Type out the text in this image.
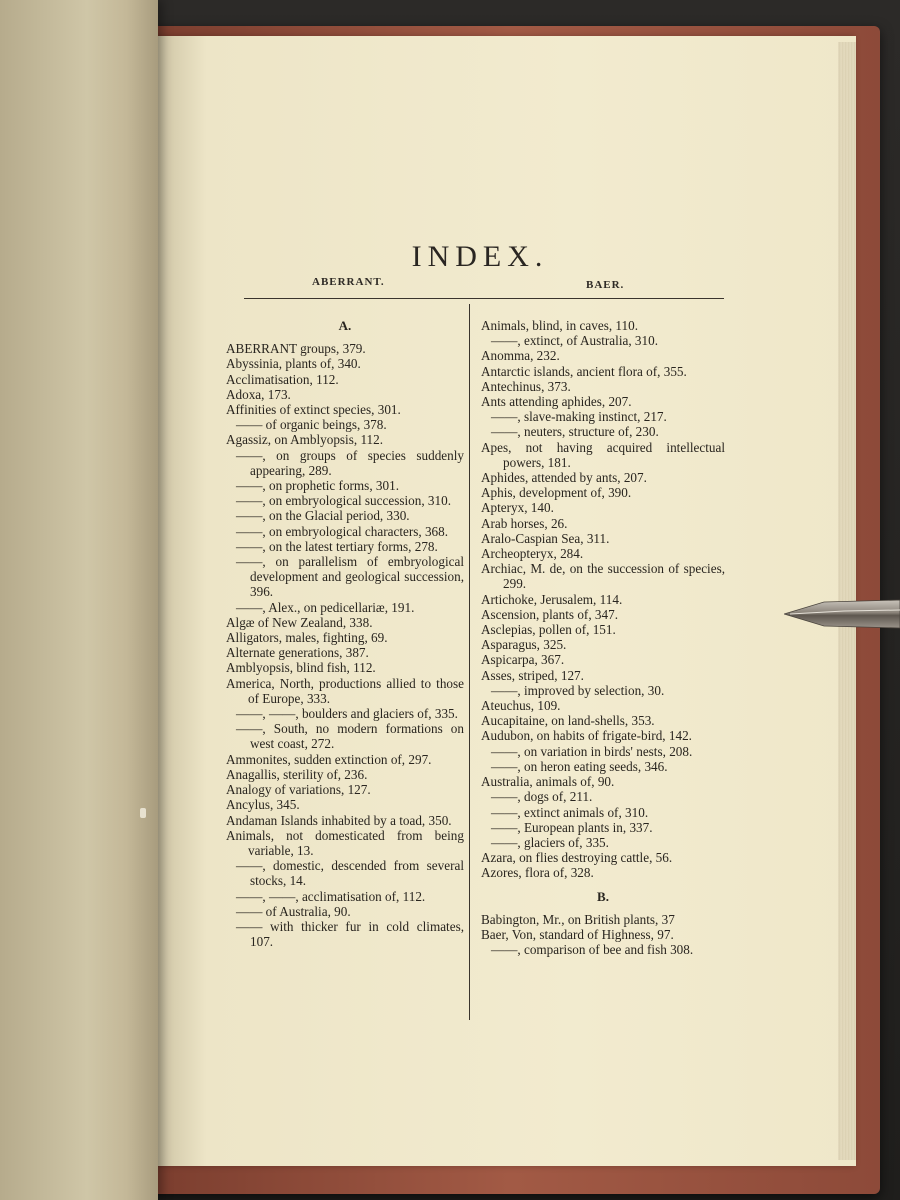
INDEX.
ABERRANT.	BAER.
A.
ABERRANT groups, 379.
Abyssinia, plants of, 340.
Acclimatisation, 112.
Adoxa, 173.
Affinities of extinct species, 301.
—— of organic beings, 378.
Agassiz, on Amblyopsis, 112.
——, on groups of species suddenly appearing, 289.
——, on prophetic forms, 301.
——, on embryological succession, 310.
——, on the Glacial period, 330.
——, on embryological characters, 368.
——, on the latest tertiary forms, 278.
——, on parallelism of embryological development and geological succession, 396.
——, Alex., on pedicellariæ, 191.
Algæ of New Zealand, 338.
Alligators, males, fighting, 69.
Alternate generations, 387.
Amblyopsis, blind fish, 112.
America, North, productions allied to those of Europe, 333.
——, ——, boulders and glaciers of, 335.
——, South, no modern formations on west coast, 272.
Ammonites, sudden extinction of, 297.
Anagallis, sterility of, 236.
Analogy of variations, 127.
Ancylus, 345.
Andaman Islands inhabited by a toad, 350.
Animals, not domesticated from being variable, 13.
——, domestic, descended from several stocks, 14.
——, ——, acclimatisation of, 112.
—— of Australia, 90.
—— with thicker fur in cold climates, 107.
Animals, blind, in caves, 110.
——, extinct, of Australia, 310.
Anomma, 232.
Antarctic islands, ancient flora of, 355.
Antechinus, 373.
Ants attending aphides, 207.
——, slave-making instinct, 217.
——, neuters, structure of, 230.
Apes, not having acquired intellectual powers, 181.
Aphides, attended by ants, 207.
Aphis, development of, 390.
Apteryx, 140.
Arab horses, 26.
Aralo-Caspian Sea, 311.
Archeopteryx, 284.
Archiac, M. de, on the succession of species, 299.
Artichoke, Jerusalem, 114.
Ascension, plants of, 347.
Asclepias, pollen of, 151.
Asparagus, 325.
Aspicarpa, 367.
Asses, striped, 127.
——, improved by selection, 30.
Ateuchus, 109.
Aucapitaine, on land-shells, 353.
Audubon, on habits of frigate-bird, 142.
——, on variation in birds' nests, 208.
——, on heron eating seeds, 346.
Australia, animals of, 90.
——, dogs of, 211.
——, extinct animals of, 310.
——, European plants in, 337.
——, glaciers of, 335.
Azara, on flies destroying cattle, 56.
Azores, flora of, 328.
B.
Babington, Mr., on British plants, 37
Baer, Von, standard of Highness, 97.
——, comparison of bee and fish 308.
